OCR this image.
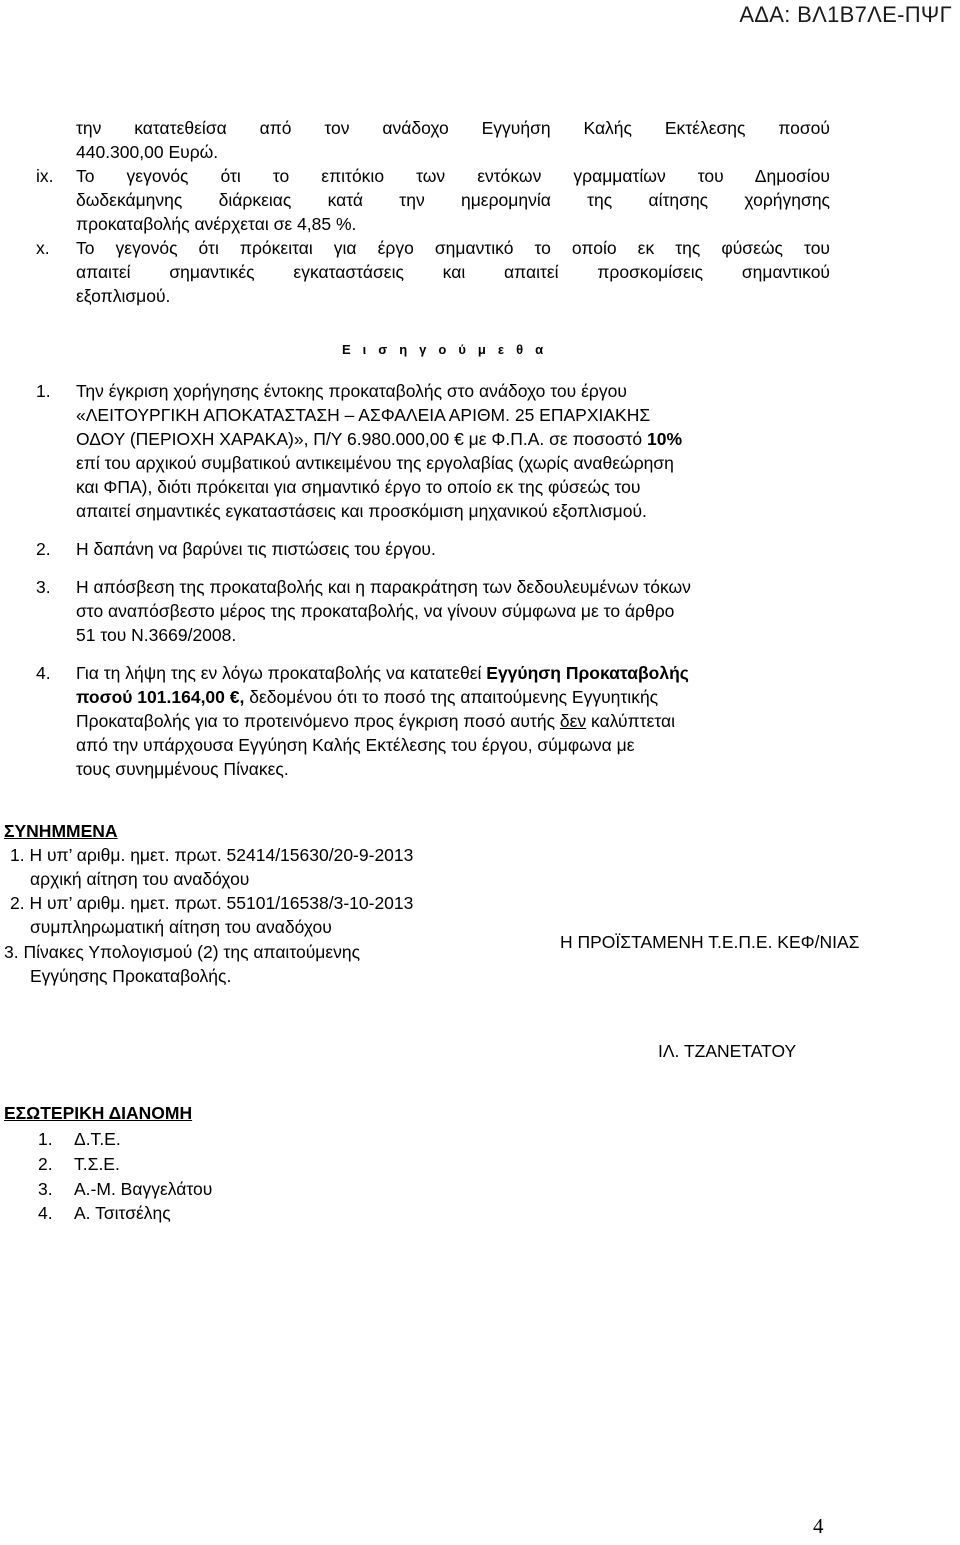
ΑΔΑ: ΒΛ1Β7ΛΕ-ΠΨΓ
την κατατεθείσα από τον ανάδοχο Εγγυήση Καλής Εκτέλεσης ποσού
440.300,00 Ευρώ.
ix. Το γεγονός ότι το επιτόκιο των εντόκων γραμματίων του Δημοσίου
δωδεκάμηνης διάρκειας κατά την ημερομηνία της αίτησης χορήγησης
προκαταβολής ανέρχεται σε 4,85 %.
x. Το γεγονός ότι πρόκειται για έργο σημαντικό το οποίο εκ της φύσεώς του
απαιτεί σημαντικές εγκαταστάσεις και απαιτεί προσκομίσεις σημαντικού
εξοπλισμού.
Ε ι σ η γ ο ύ μ ε θ α
1. Την έγκριση χορήγησης έντοκης προκαταβολής στο ανάδοχο του έργου
«ΛΕΙΤΟΥΡΓΙΚΗ ΑΠΟΚΑΤΑΣΤΑΣΗ – ΑΣΦΑΛΕΙΑ ΑΡΙΘΜ. 25 ΕΠΑΡΧΙΑΚΗΣ
ΟΔΟΥ (ΠΕΡΙΟΧΗ ΧΑΡΑΚΑ)», Π/Υ 6.980.000,00 € με Φ.Π.Α. σε ποσοστό 10%
επί του αρχικού συμβατικού αντικειμένου της εργολαβίας (χωρίς αναθεώρηση
και ΦΠΑ), διότι πρόκειται για σημαντικό έργο το οποίο εκ της φύσεώς του
απαιτεί σημαντικές εγκαταστάσεις και προσκόμιση μηχανικού εξοπλισμού.
2. Η δαπάνη να βαρύνει τις πιστώσεις του έργου.
3. Η απόσβεση της προκαταβολής και η παρακράτηση των δεδουλευμένων τόκων
στο αναπόσβεστο μέρος της προκαταβολής, να γίνουν σύμφωνα με το άρθρο
51 του Ν.3669/2008.
4. Για τη λήψη της εν λόγω προκαταβολής να κατατεθεί Εγγύηση Προκαταβολής
ποσού 101.164,00 €, δεδομένου ότι το ποσό της απαιτούμενης Εγγυητικής
Προκαταβολής για το προτεινόμενο προς έγκριση ποσό αυτής δεν καλύπτεται
από την υπάρχουσα Εγγύηση Καλής Εκτέλεσης του έργου, σύμφωνα με
τους συνημμένους Πίνακες.
ΣΥΝΗΜΜΕΝΑ
1. Η υπ’ αριθμ. ημετ. πρωτ. 52414/15630/20-9-2013
αρχική αίτηση του αναδόχου
2. Η υπ’ αριθμ. ημετ. πρωτ. 55101/16538/3-10-2013
συμπληρωματική αίτηση του αναδόχου
3. Πίνακες Υπολογισμού (2) της απαιτούμενης
Εγγύησης Προκαταβολής.
Η ΠΡΟΪΣΤΑΜΕΝΗ Τ.Ε.Π.Ε. ΚΕΦ/ΝΙΑΣ
ΙΛ. ΤΖΑΝΕΤΑΤΟΥ
ΕΣΩΤΕΡΙΚΗ ΔΙΑΝΟΜΗ
1. Δ.Τ.Ε.
2. Τ.Σ.Ε.
3. Α.-Μ. Βαγγελάτου
4. Α. Τσιτσέλης
4
